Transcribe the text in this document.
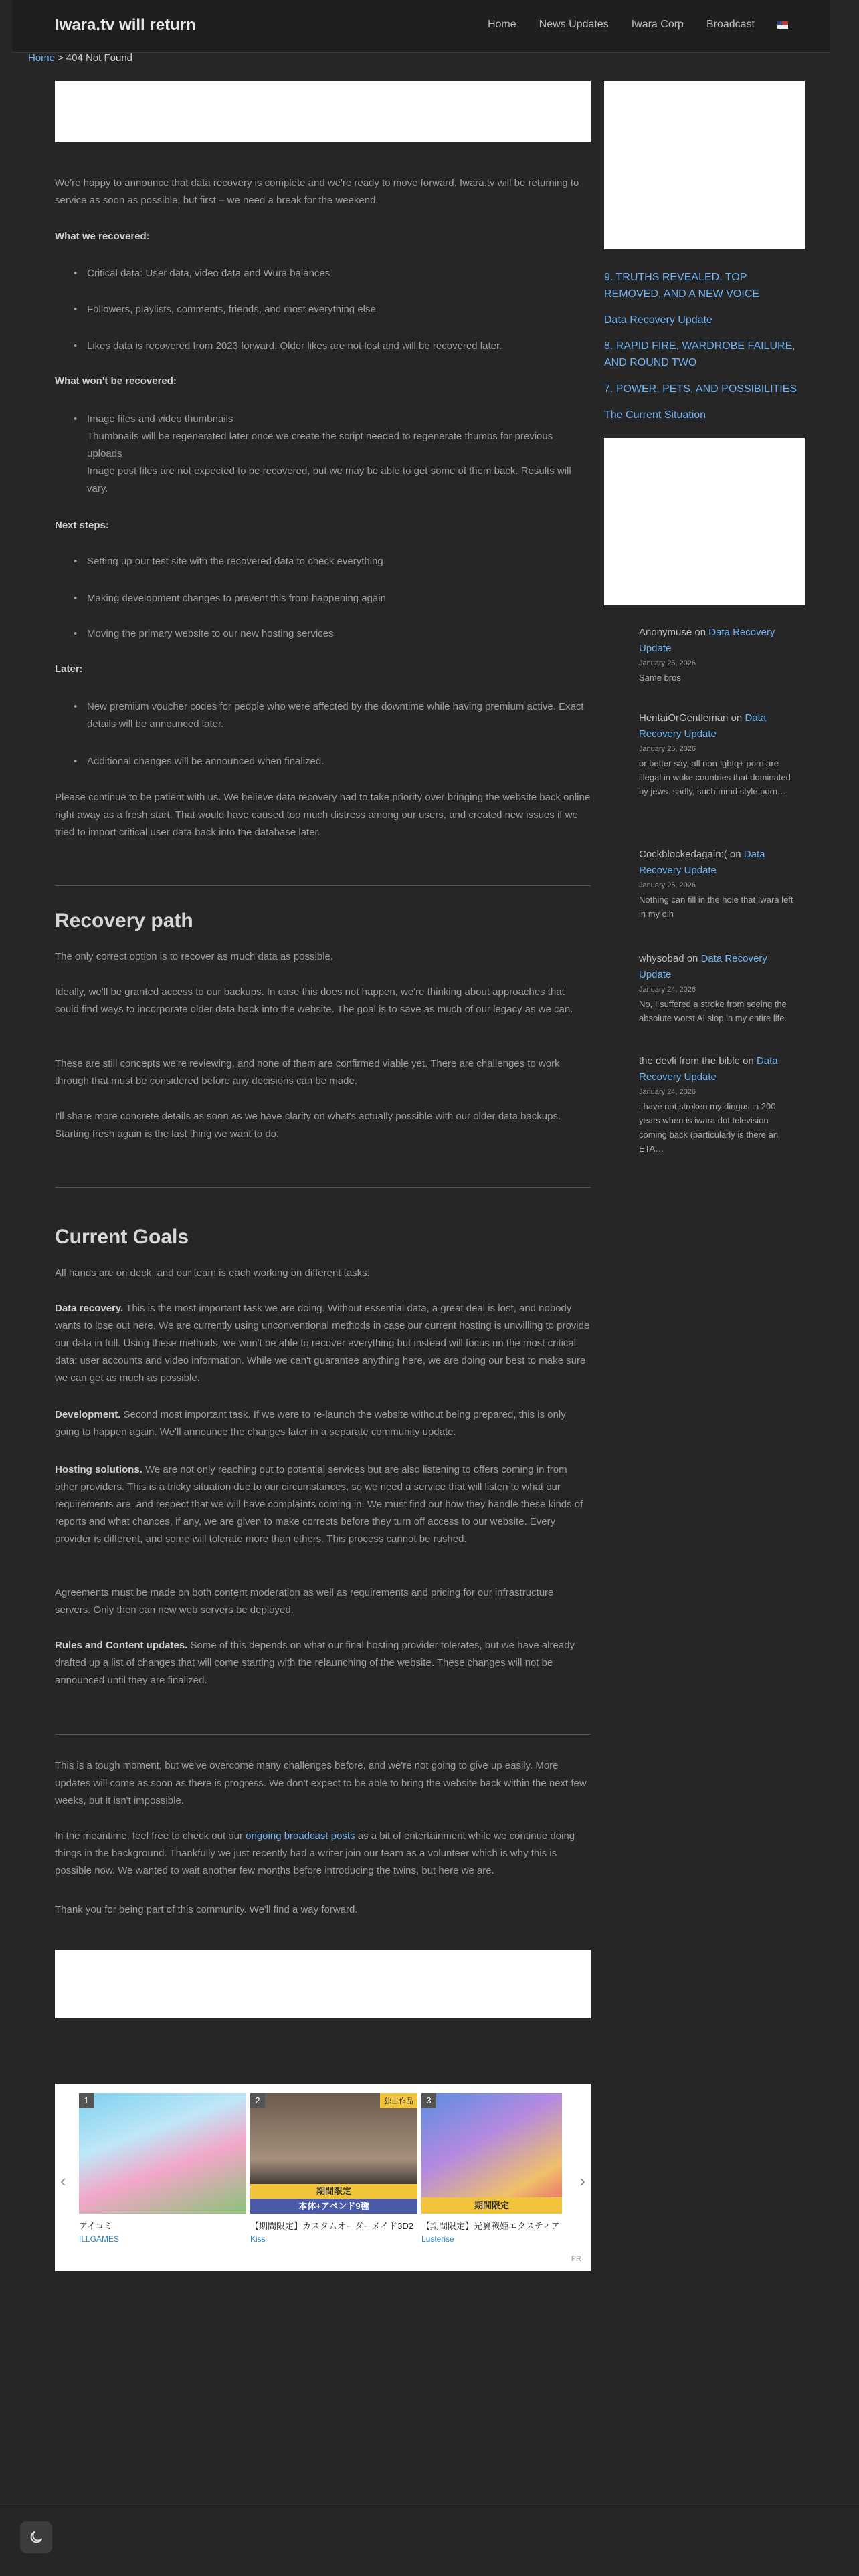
Iwara.tv will return	Home News Updates Iwara Corp Broadcast
Home > 404 Not Found

We're happy to announce that data recovery is complete and we're ready to move forward. Iwara.tv will be returning to service as soon as possible, but first – we need a break for the weekend.

What we recovered:
• Critical data: User data, video data and Wura balances
• Followers, playlists, comments, friends, and most everything else
• Likes data is recovered from 2023 forward. Older likes are not lost and will be recovered later.
What won't be recovered:
• Image files and video thumbnails
Thumbnails will be regenerated later once we create the script needed to regenerate thumbs for previous uploads
Image post files are not expected to be recovered, but we may be able to get some of them back. Results will vary.
Next steps:
• Setting up our test site with the recovered data to check everything
• Making development changes to prevent this from happening again
• Moving the primary website to our new hosting services
Later:
• New premium voucher codes for people who were affected by the downtime while having premium active. Exact details will be announced later.
• Additional changes will be announced when finalized.

Please continue to be patient with us. We believe data recovery had to take priority over bringing the website back online right away as a fresh start. That would have caused too much distress among our users, and created new issues if we tried to import critical user data back into the database later.

Recovery path

The only correct option is to recover as much data as possible.

Ideally, we'll be granted access to our backups. In case this does not happen, we're thinking about approaches that could find ways to incorporate older data back into the website. The goal is to save as much of our legacy as we can.

These are still concepts we're reviewing, and none of them are confirmed viable yet. There are challenges to work through that must be considered before any decisions can be made.

I'll share more concrete details as soon as we have clarity on what's actually possible with our older data backups. Starting fresh again is the last thing we want to do.

Current Goals

All hands are on deck, and our team is each working on different tasks:

Data recovery. This is the most important task we are doing. Without essential data, a great deal is lost, and nobody wants to lose out here. We are currently using unconventional methods in case our current hosting is unwilling to provide our data in full. Using these methods, we won't be able to recover everything but instead will focus on the most critical data: user accounts and video information. While we can't guarantee anything here, we are doing our best to make sure we can get as much as possible.

Development. Second most important task. If we were to re-launch the website without being prepared, this is only going to happen again. We'll announce the changes later in a separate community update.

Hosting solutions. We are not only reaching out to potential services but are also listening to offers coming in from other providers. This is a tricky situation due to our circumstances, so we need a service that will listen to what our requirements are, and respect that we will have complaints coming in. We must find out how they handle these kinds of reports and what chances, if any, we are given to make corrects before they turn off access to our website. Every provider is different, and some will tolerate more than others. This process cannot be rushed.

Agreements must be made on both content moderation as well as requirements and pricing for our infrastructure servers. Only then can new web servers be deployed.

Rules and Content updates. Some of this depends on what our final hosting provider tolerates, but we have already drafted up a list of changes that will come starting with the relaunching of the website. These changes will not be announced until they are finalized.

This is a tough moment, but we've overcome many challenges before, and we're not going to give up easily. More updates will come as soon as there is progress. We don't expect to be able to bring the website back within the next few weeks, but it isn't impossible.

In the meantime, feel free to check out our ongoing broadcast posts as a bit of entertainment while we continue doing things in the background. Thankfully we just recently had a writer join our team as a volunteer which is why this is possible now. We wanted to wait another few months before introducing the twins, but here we are.

Thank you for being part of this community. We'll find a way forward.

‹	›
1
アイコミ
ILLGAMES
2	独占作品
期間限定
本体+アペンド9種
【期間限定】カスタムオーダーメイド3D2
Kiss
3
期間限定
【期間限定】光翼戦姫エクスティア
Lusterise
PR
9. TRUTHS REVEALED, TOP REMOVED, AND A NEW VOICE
Data Recovery Update
8. RAPID FIRE, WARDROBE FAILURE, AND ROUND TWO
7. POWER, PETS, AND POSSIBILITIES
The Current Situation
Anonymuse on Data Recovery Update
January 25, 2026
Same bros
HentaiOrGentleman on Data Recovery Update
January 25, 2026
or better say, all non-lgbtq+ porn are illegal in woke countries that dominated by jews. sadly, such mmd style porn…
Cockblockedagain:( on Data Recovery Update
January 25, 2026
Nothing can fill in the hole that Iwara left in my dih
whysobad on Data Recovery Update
January 24, 2026
No, I suffered a stroke from seeing the absolute worst AI slop in my entire life.
the devli from the bible on Data Recovery Update
January 24, 2026
i have not stroken my dingus in 200 years when is iwara dot television coming back (particularly is there an ETA…
